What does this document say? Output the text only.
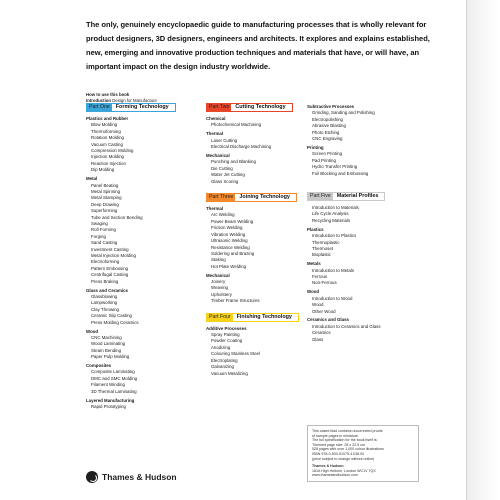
The only, genuinely encyclopaedic guide to manufacturing processes that is wholly relevant for product designers, 3D designers, engineers and architects. It explores and explains established, new, emerging and innovative production techniques and materials that have, or will have, an important impact on the design industry worldwide.

How to use this book
Introduction Design for Manufacture
Part One	Forming Technology
Plastics and Rubber
Blow Molding
Thermoforming
Rotation Molding
Vacuum Casting
Compression Molding
Injection Molding
Reaction Injection
Dip Molding
Metal
Panel Beating
Metal Spinning
Metal Stamping
Deep Drawing
Superforming
Tube and Section Bending
Swaging
Roll Forming
Forging
Sand Casting
Investment Casting
Metal Injection Molding
Electroforming
Pattern Embossing
Centrifugal Casting
Press Braking
Glass and Ceramics
Glassblowing
Lampworking
Clay Throwing
Ceramic Slip Casting
Press Molding Ceramics
Wood
CNC Machining
Wood Laminating
Steam Bending
Paper Pulp Molding
Composites
Composite Laminating
DMC and SMC Molding
Filament Winding
3D Thermal Laminating
Layered Manufacturing
Rapid Prototyping
Part Two	Cutting Technology
Chemical
Photochemical Machining
Thermal
Laser Cutting
Electrical Discharge Machining
Mechanical
Punching and Blanking
Die Cutting
Water Jet Cutting
Glass Scoring
Part Three	Joining Technology
Thermal
Arc Welding
Power Beam Welding
Friction Welding
Vibration Welding
Ultrasonic Welding
Resistance Welding
Soldering and Brazing
Staking
Hot Plate Welding
Mechanical
Joinery
Weaving
Upholstery
Timber Frame Structures
Part Four	Finishing Technology
Additive Processes
Spray Painting
Powder Coating
Anodizing
Colouring Stainless Steel
Electroplating
Galvanizing
Vacuum Metalizing
Subtractive Processes
Grinding, Sanding and Polishing
Electropolishing
Abrasive Blasting
Photo Etching
CNC Engraving
Printing
Screen Printing
Pad Printing
Hydro Transfer Printing
Foil Blocking and Embossing
Part Five	Material Profiles
Introduction to Materials
Life Cycle Analysis
Recycling Materials
Plastics
Introduction to Plastics
Thermoplastic
Thermoset
Bioplastic
Metals
Introduction to Metals
Ferrous
Non-Ferrous
Wood
Introduction to Wood
Wood
Other Wood
Ceramics and Glass
Introduction to Ceramics and Glass
Ceramics
Glass
This cased blad contains uncorrected proofs
of sample pages in miniature.
The full specification for the book itself is:
Trimmed page size: 28 x 22.5 cm
528 pages with over 1,000 colour illustrations
ISBN 978-0-500-51075-4 £38.00
(price subject to change without notice)
Thames & Hudson
181A High Holborn, London WC1V 7QX
www.thamesandhudson.com
Thames & Hudson
